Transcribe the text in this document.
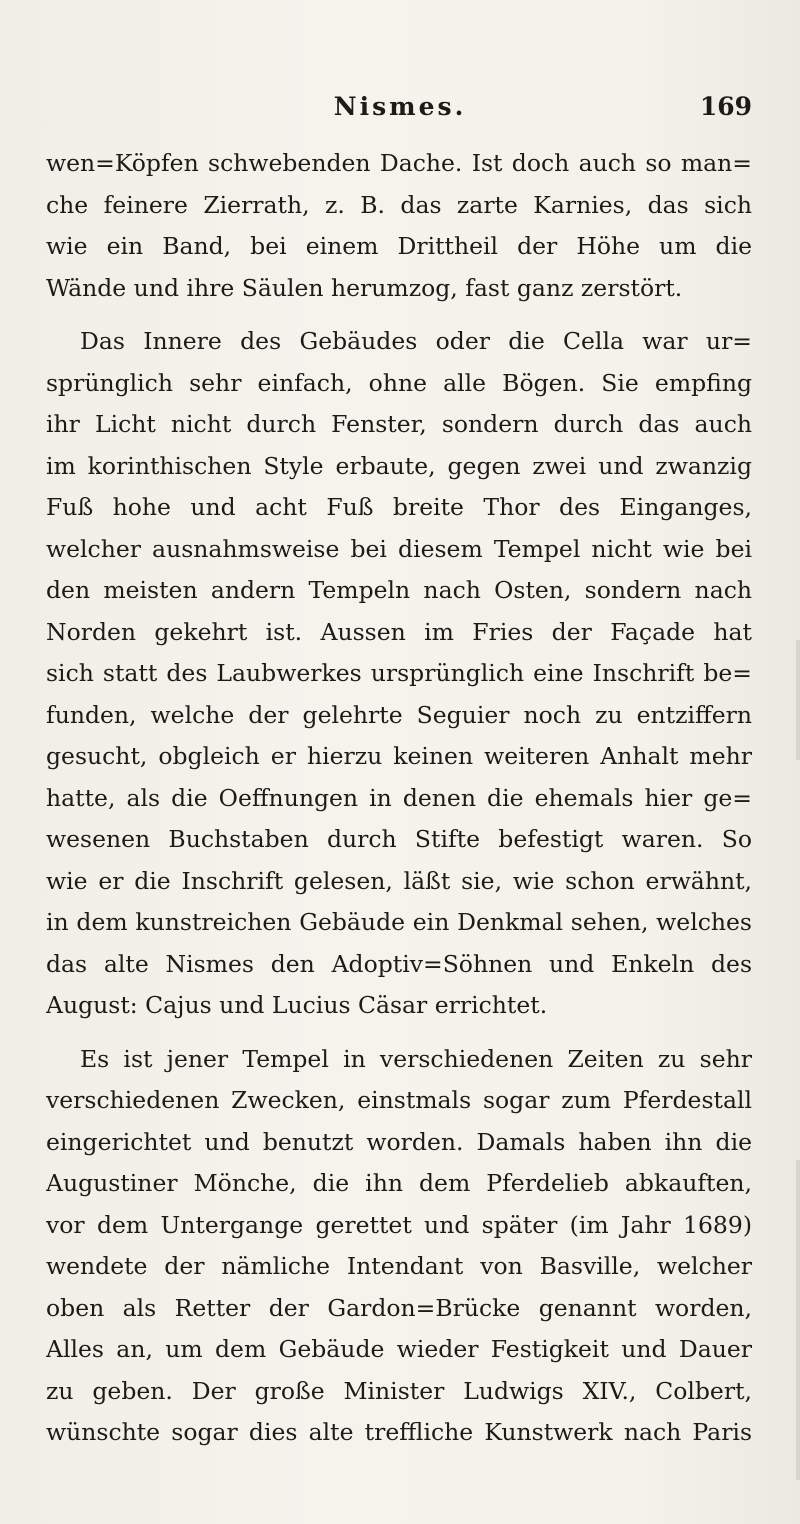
Nismes.	169
wen=Köpfen schwebenden Dache. Ist doch auch so man=
che feinere Zierrath, z. B. das zarte Karnies, das sich
wie ein Band, bei einem Drittheil der Höhe um die
Wände und ihre Säulen herumzog, fast ganz zerstört.
Das Innere des Gebäudes oder die Cella war ur=
sprünglich sehr einfach, ohne alle Bögen. Sie empfing
ihr Licht nicht durch Fenster, sondern durch das auch
im korinthischen Style erbaute, gegen zwei und zwanzig
Fuß hohe und acht Fuß breite Thor des Einganges,
welcher ausnahmsweise bei diesem Tempel nicht wie bei
den meisten andern Tempeln nach Osten, sondern nach
Norden gekehrt ist. Aussen im Fries der Façade hat
sich statt des Laubwerkes ursprünglich eine Inschrift be=
funden, welche der gelehrte Seguier noch zu entziffern
gesucht, obgleich er hierzu keinen weiteren Anhalt mehr
hatte, als die Oeffnungen in denen die ehemals hier ge=
wesenen Buchstaben durch Stifte befestigt waren. So
wie er die Inschrift gelesen, läßt sie, wie schon erwähnt,
in dem kunstreichen Gebäude ein Denkmal sehen, welches
das alte Nismes den Adoptiv=Söhnen und Enkeln des
August: Cajus und Lucius Cäsar errichtet.
Es ist jener Tempel in verschiedenen Zeiten zu sehr
verschiedenen Zwecken, einstmals sogar zum Pferdestall
eingerichtet und benutzt worden. Damals haben ihn die
Augustiner Mönche, die ihn dem Pferdelieb abkauften,
vor dem Untergange gerettet und später (im Jahr 1689)
wendete der nämliche Intendant von Basville, welcher
oben als Retter der Gardon=Brücke genannt worden,
Alles an, um dem Gebäude wieder Festigkeit und Dauer
zu geben. Der große Minister Ludwigs XIV., Colbert,
wünschte sogar dies alte treffliche Kunstwerk nach Paris
